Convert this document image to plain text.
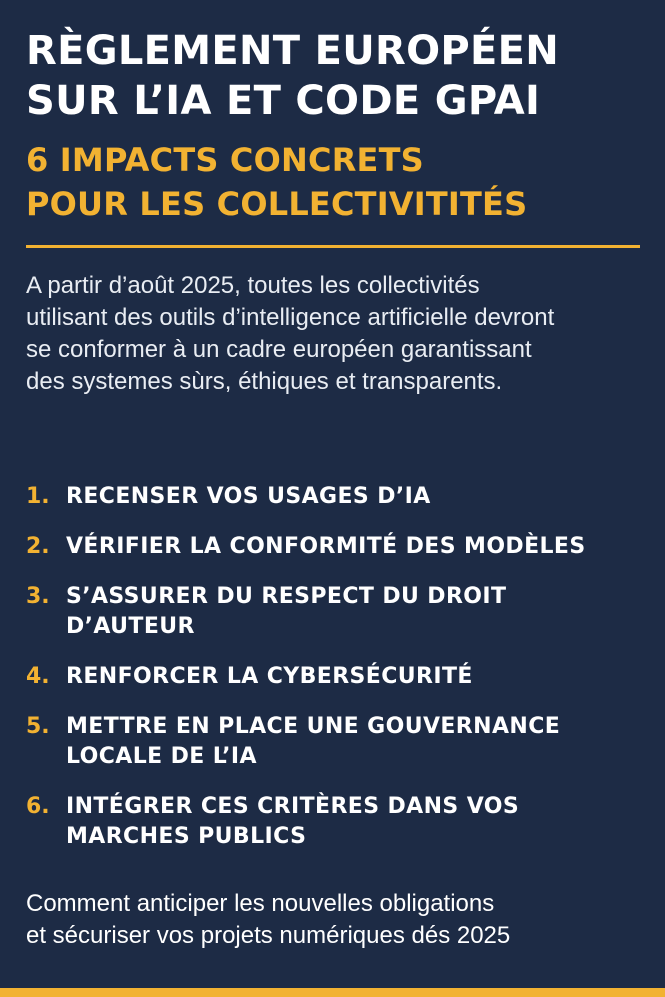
RÈGLEMENT EUROPÉEN
SUR L’IA ET CODE GPAI
6 IMPACTS CONCRETS
POUR LES COLLECTIVITITÉS

A partir d’août 2025, toutes les collectivités
utilisant des outils d’intelligence artificielle devront
se conformer à un cadre européen garantissant
des systemes sùrs, éthiques et transparents.

1. RECENSER VOS USAGES D’IA
2. VÉRIFIER LA CONFORMITÉ DES MODÈLES
3. S’ASSURER DU RESPECT DU DROIT
D’AUTEUR
4. RENFORCER LA CYBERSÉCURITÉ
5. METTRE EN PLACE UNE GOUVERNANCE
LOCALE DE L’IA
6. INTÉGRER CES CRITÈRES DANS VOS
MARCHES PUBLICS

Comment anticiper les nouvelles obligations
et sécuriser vos projets numériques dés 2025
